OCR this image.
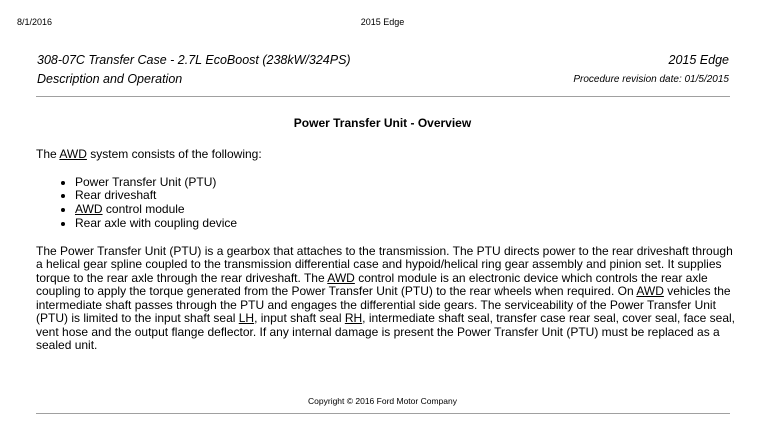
8/1/2016	2015 Edge
308-07C Transfer Case - 2.7L EcoBoost (238kW/324PS)	2015 Edge
Description and Operation	Procedure revision date: 01/5/2015
Power Transfer Unit - Overview

The AWD system consists of the following:

• Power Transfer Unit (PTU)
• Rear driveshaft
• AWD control module
• Rear axle with coupling device

The Power Transfer Unit (PTU) is a gearbox that attaches to the transmission. The PTU directs power to the rear driveshaft through a helical gear spline coupled to the transmission differential case and hypoid/helical ring gear assembly and pinion set. It supplies torque to the rear axle through the rear driveshaft. The AWD control module is an electronic device which controls the rear axle coupling to apply the torque generated from the Power Transfer Unit (PTU) to the rear wheels when required. On AWD vehicles the intermediate shaft passes through the PTU and engages the differential side gears. The serviceability of the Power Transfer Unit (PTU) is limited to the input shaft seal LH, input shaft seal RH, intermediate shaft seal, transfer case rear seal, cover seal, face seal, vent hose and the output flange deflector. If any internal damage is present the Power Transfer Unit (PTU) must be replaced as a sealed unit.

Copyright © 2016 Ford Motor Company
